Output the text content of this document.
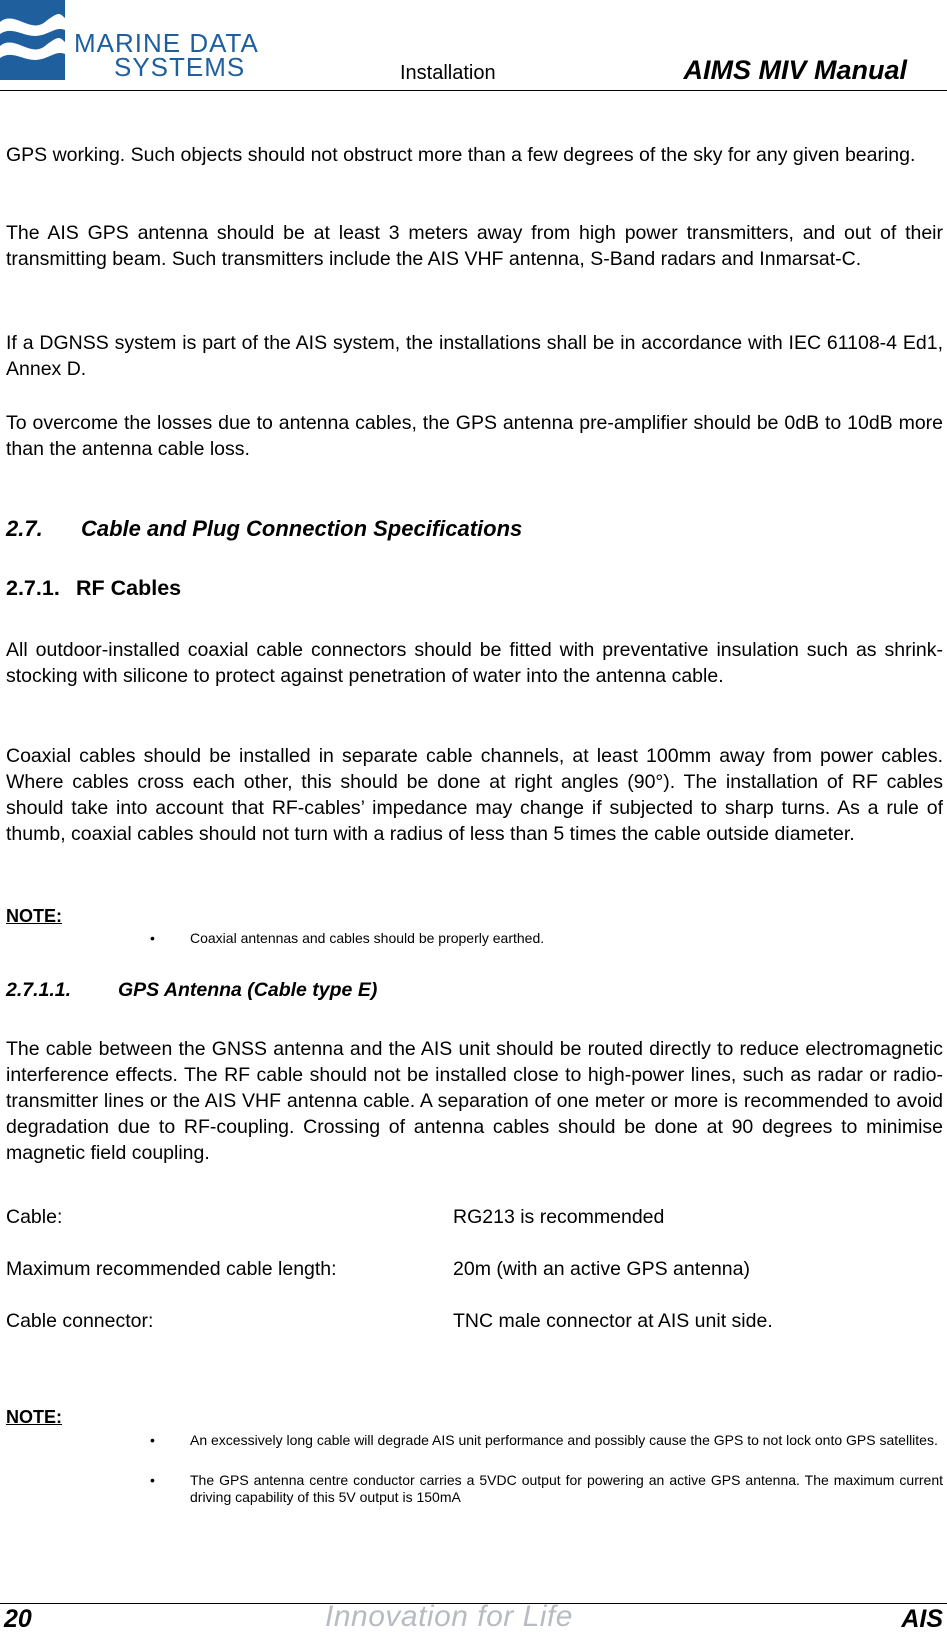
MARINE DATA
SYSTEMS	Installation	AIMS MIV Manual
GPS working. Such objects should not obstruct more than a few degrees of the sky for any given bearing.
The AIS GPS antenna should be at least 3 meters away from high power transmitters, and out of their transmitting beam. Such transmitters include the AIS VHF antenna, S-Band radars and Inmarsat-C.
If a DGNSS system is part of the AIS system, the installations shall be in accordance with IEC 61108-4 Ed1, Annex D.
To overcome the losses due to antenna cables, the GPS antenna pre-amplifier should be 0dB to 10dB more than the antenna cable loss.
2.7. Cable and Plug Connection Specifications
2.7.1. RF Cables
All outdoor-installed coaxial cable connectors should be fitted with preventative insulation such as shrink-stocking with silicone to protect against penetration of water into the antenna cable.
Coaxial cables should be installed in separate cable channels, at least 100mm away from power cables. Where cables cross each other, this should be done at right angles (90°). The installation of RF cables should take into account that RF-cables’ impedance may change if subjected to sharp turns. As a rule of thumb, coaxial cables should not turn with a radius of less than 5 times the cable outside diameter.
NOTE:
•	Coaxial antennas and cables should be properly earthed.
2.7.1.1. GPS Antenna (Cable type E)
The cable between the GNSS antenna and the AIS unit should be routed directly to reduce electromagnetic interference effects. The RF cable should not be installed close to high-power lines, such as radar or radio-transmitter lines or the AIS VHF antenna cable. A separation of one meter or more is recommended to avoid degradation due to RF-coupling. Crossing of antenna cables should be done at 90 degrees to minimise magnetic field coupling.
Cable:	RG213 is recommended
Maximum recommended cable length:	20m (with an active GPS antenna)
Cable connector:	TNC male connector at AIS unit side.
NOTE:
•	An excessively long cable will degrade AIS unit performance and possibly cause the GPS to not lock onto GPS satellites.
•	The GPS antenna centre conductor carries a 5VDC output for powering an active GPS antenna. The maximum current driving capability of this 5V output is 150mA
20	Innovation for Life	AIS
